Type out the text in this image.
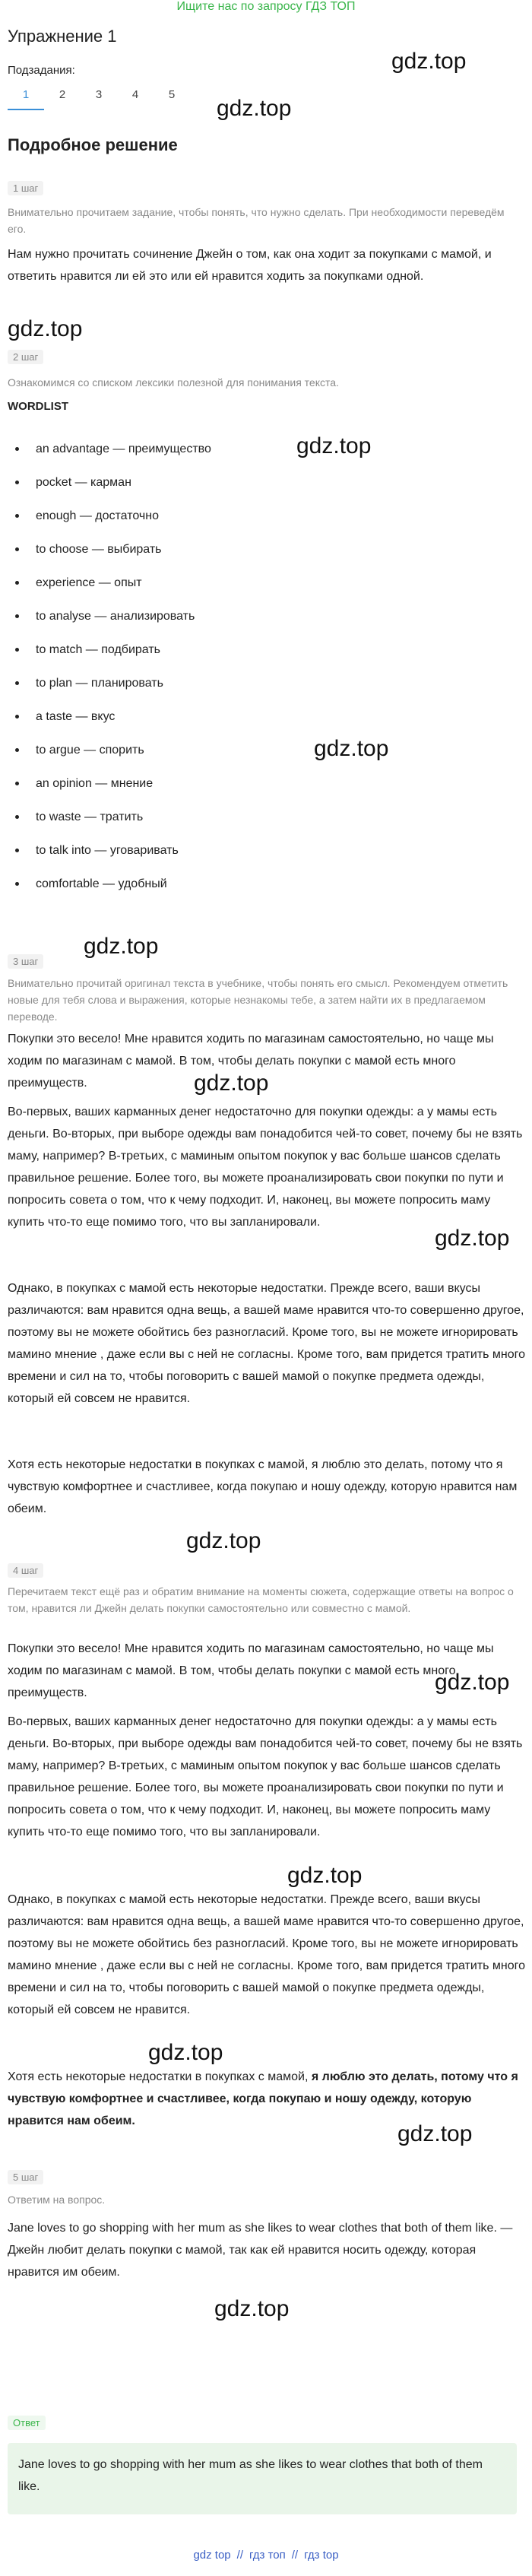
Ищите нас по запросу ГДЗ ТОП
Упражнение 1
gdz.top
Подзадания:
1	2	3	4	5
gdz.top
Подробное решение
1 шаг
Внимательно прочитаем задание, чтобы понять, что нужно сделать. При необходимости переведём его.
Нам нужно прочитать сочинение Джейн о том, как она ходит за покупками с мамой, и ответить нравится ли ей это или ей нравится ходить за покупками одной.
gdz.top
2 шаг
Ознакомимся со списком лексики полезной для понимания текста.
WORDLIST
an advantage — преимущество
pocket — карман
enough — достаточно
to choose — выбирать
experience — опыт
to analyse — анализировать
to match — подбирать
to plan — планировать
a taste — вкус
to argue — спорить
an opinion — мнение
to waste — тратить
to talk into — уговаривать
comfortable — удобный
gdz.top
gdz.top
gdz.top
3 шаг
Внимательно прочитай оригинал текста в учебнике, чтобы понять его смысл. Рекомендуем отметить новые для тебя слова и выражения, которые незнакомы тебе, а затем найти их в предлагаемом переводе.
Покупки это весело! Мне нравится ходить по магазинам самостоятельно, но чаще мы ходим по магазинам с мамой. В том, чтобы делать покупки с мамой есть много преимуществ.	gdz.top
Во-первых, ваших карманных денег недостаточно для покупки одежды: а у мамы есть деньги. Во-вторых, при выборе одежды вам понадобится чей-то совет, почему бы не взять маму, например? В-третьих, с маминым опытом покупок у вас больше шансов сделать правильное решение. Более того, вы можете проанализировать свои покупки по пути и попросить совета о том, что к чему подходит. И, наконец, вы можете попросить маму купить что-то еще помимо того, что вы запланировали.
gdz.top
Однако, в покупках с мамой есть некоторые недостатки. Прежде всего, ваши вкусы различаются: вам нравится одна вещь, а вашей маме нравится что-то совершенно другое, поэтому вы не можете обойтись без разногласий. Кроме того, вы не можете игнорировать мамино мнение , даже если вы с ней не согласны. Кроме того, вам придется тратить много времени и сил на то, чтобы поговорить с вашей мамой о покупке предмета одежды, который ей совсем не нравится.
Хотя есть некоторые недостатки в покупках с мамой, я люблю это делать, потому что я чувствую комфортнее и счастливее, когда покупаю и ношу одежду, которую нравится нам обеим.
gdz.top
4 шаг
Перечитаем текст ещё раз и обратим внимание на моменты сюжета, содержащие ответы на вопрос о том, нравится ли Джейн делать покупки самостоятельно или совместно с мамой.
Покупки это весело! Мне нравится ходить по магазинам самостоятельно, но чаще мы ходим по магазинам с мамой. В том, чтобы делать покупки с мамой есть много преимуществ.	gdz.top
Во-первых, ваших карманных денег недостаточно для покупки одежды: а у мамы есть деньги. Во-вторых, при выборе одежды вам понадобится чей-то совет, почему бы не взять маму, например? В-третьих, с маминым опытом покупок у вас больше шансов сделать правильное решение. Более того, вы можете проанализировать свои покупки по пути и попросить совета о том, что к чему подходит. И, наконец, вы можете попросить маму купить что-то еще помимо того, что вы запланировали.
gdz.top
Однако, в покупках с мамой есть некоторые недостатки. Прежде всего, ваши вкусы различаются: вам нравится одна вещь, а вашей маме нравится что-то совершенно другое, поэтому вы не можете обойтись без разногласий. Кроме того, вы не можете игнорировать мамино мнение , даже если вы с ней не согласны. Кроме того, вам придется тратить много времени и сил на то, чтобы поговорить с вашей мамой о покупке предмета одежды, который ей совсем не нравится.
Хотя есть некоторые недостатки в покупках с мамой, я люблю это делать, потому что я чувствую комфортнее и счастливее, когда покупаю и ношу одежду, которую нравится нам обеим.
gdz.top
gdz.top
5 шаг
Ответим на вопрос.
Jane loves to go shopping with her mum as she likes to wear clothes that both of them like. — Джейн любит делать покупки с мамой, так как ей нравится носить одежду, которая нравится им обеим.
gdz.top
Ответ
Jane loves to go shopping with her mum as she likes to wear clothes that both of them like.
gdz top // гдз топ // гдз top
